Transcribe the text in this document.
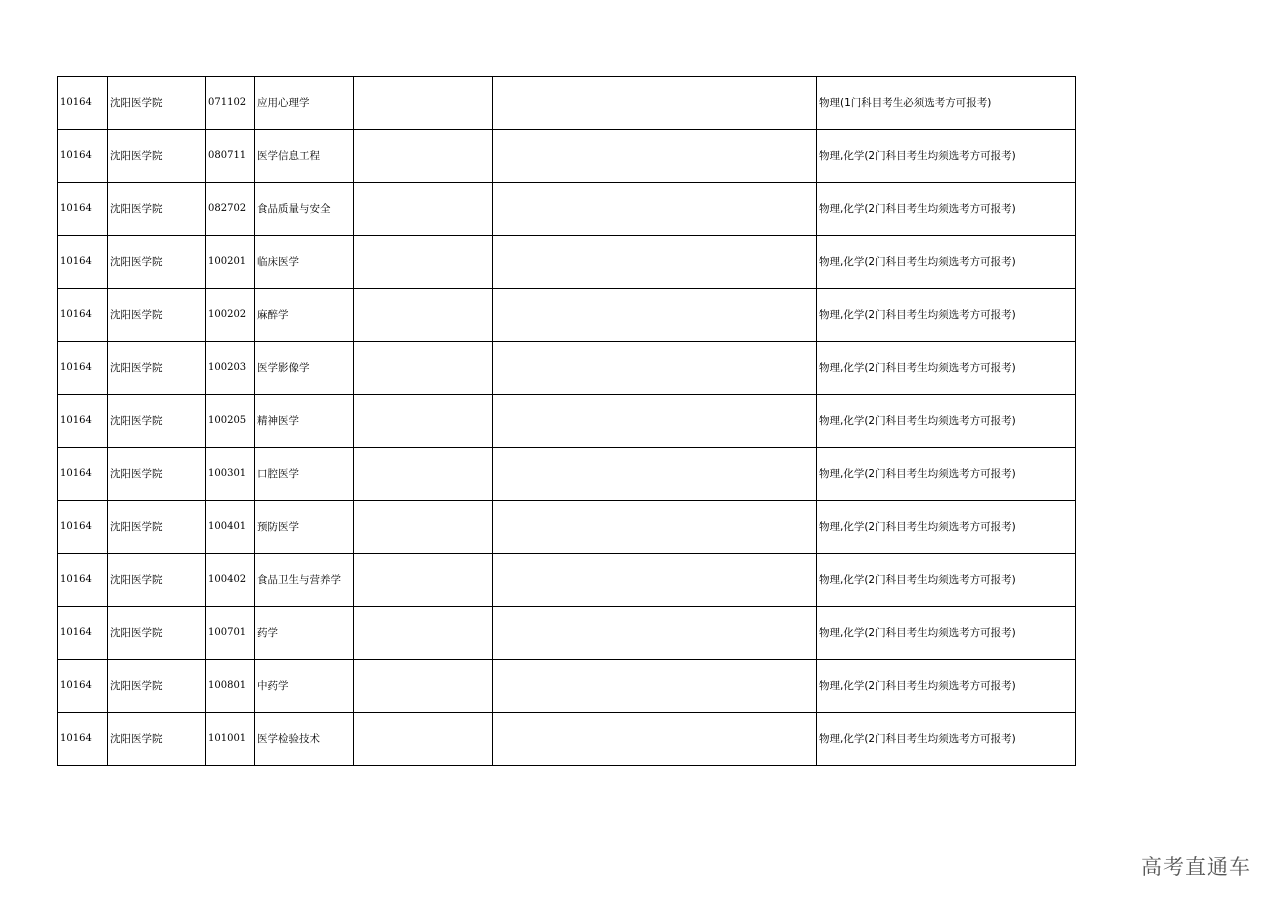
10164	沈阳医学院	071102	应用心理学			物理(1门科目考生必须选考方可报考)
10164	沈阳医学院	080711	医学信息工程			物理,化学(2门科目考生均须选考方可报考)
10164	沈阳医学院	082702	食品质量与安全			物理,化学(2门科目考生均须选考方可报考)
10164	沈阳医学院	100201	临床医学			物理,化学(2门科目考生均须选考方可报考)
10164	沈阳医学院	100202	麻醉学			物理,化学(2门科目考生均须选考方可报考)
10164	沈阳医学院	100203	医学影像学			物理,化学(2门科目考生均须选考方可报考)
10164	沈阳医学院	100205	精神医学			物理,化学(2门科目考生均须选考方可报考)
10164	沈阳医学院	100301	口腔医学			物理,化学(2门科目考生均须选考方可报考)
10164	沈阳医学院	100401	预防医学			物理,化学(2门科目考生均须选考方可报考)
10164	沈阳医学院	100402	食品卫生与营养学			物理,化学(2门科目考生均须选考方可报考)
10164	沈阳医学院	100701	药学			物理,化学(2门科目考生均须选考方可报考)
10164	沈阳医学院	100801	中药学			物理,化学(2门科目考生均须选考方可报考)
10164	沈阳医学院	101001	医学检验技术			物理,化学(2门科目考生均须选考方可报考)
高考直通车
